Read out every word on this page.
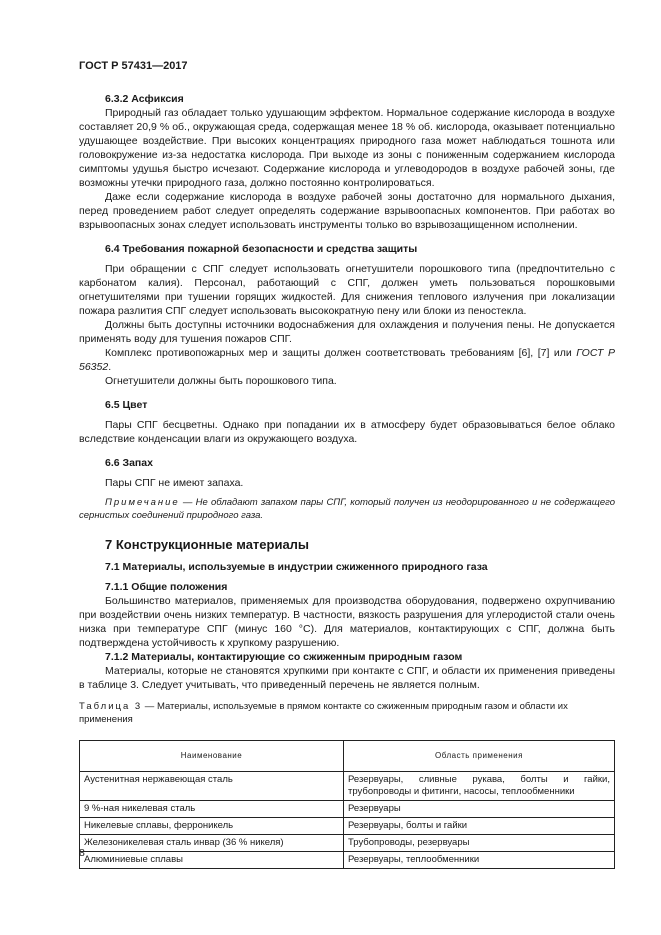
ГОСТ Р 57431—2017
6.3.2 Асфиксия
Природный газ обладает только удушающим эффектом. Нормальное содержание кислорода в воздухе составляет 20,9 % об., окружающая среда, содержащая менее 18 % об. кислорода, оказывает потенциально удушающее воздействие. При высоких концентрациях природного газа может наблюдаться тошнота или головокружение из-за недостатка кислорода. При выходе из зоны с пониженным содержанием кислорода симптомы удушья быстро исчезают. Содержание кислорода и углеводородов в воздухе рабочей зоны, где возможны утечки природного газа, должно постоянно контролироваться.
Даже если содержание кислорода в воздухе рабочей зоны достаточно для нормального дыхания, перед проведением работ следует определять содержание взрывоопасных компонентов. При работах во взрывоопасных зонах следует использовать инструменты только во взрывозащищенном исполнении.
6.4 Требования пожарной безопасности и средства защиты
При обращении с СПГ следует использовать огнетушители порошкового типа (предпочтительно с карбонатом калия). Персонал, работающий с СПГ, должен уметь пользоваться порошковыми огнетушителями при тушении горящих жидкостей. Для снижения теплового излучения при локализации пожара разлития СПГ следует использовать высокократную пену или блоки из пеностекла.
Должны быть доступны источники водоснабжения для охлаждения и получения пены. Не допускается применять воду для тушения пожаров СПГ.
Комплекс противопожарных мер и защиты должен соответствовать требованиям [6], [7] или ГОСТ Р 56352.
Огнетушители должны быть порошкового типа.
6.5 Цвет
Пары СПГ бесцветны. Однако при попадании их в атмосферу будет образовываться белое облако вследствие конденсации влаги из окружающего воздуха.
6.6 Запах
Пары СПГ не имеют запаха.
Примечание — Не обладают запахом пары СПГ, который получен из неодорированного и не содержащего сернистых соединений природного газа.
7 Конструкционные материалы
7.1 Материалы, используемые в индустрии сжиженного природного газа
7.1.1 Общие положения
Большинство материалов, применяемых для производства оборудования, подвержено охрупчиванию при воздействии очень низких температур. В частности, вязкость разрушения для углеродистой стали очень низка при температуре СПГ (минус 160 °C). Для материалов, контактирующих с СПГ, должна быть подтверждена устойчивость к хрупкому разрушению.
7.1.2 Материалы, контактирующие со сжиженным природным газом
Материалы, которые не становятся хрупкими при контакте с СПГ, и области их применения приведены в таблице 3. Следует учитывать, что приведенный перечень не является полным.
Таблица 3 — Материалы, используемые в прямом контакте со сжиженным природным газом и области их применения
Наименование	Область применения
Аустенитная нержавеющая сталь	Резервуары, сливные рукава, болты и гайки, трубопроводы и фитинги, насосы, теплообменники
9 %-ная никелевая сталь	Резервуары
Никелевые сплавы, ферроникель	Резервуары, болты и гайки
Железоникелевая сталь инвар (36 % никеля)	Трубопроводы, резервуары
Алюминиевые сплавы	Резервуары, теплообменники
8
